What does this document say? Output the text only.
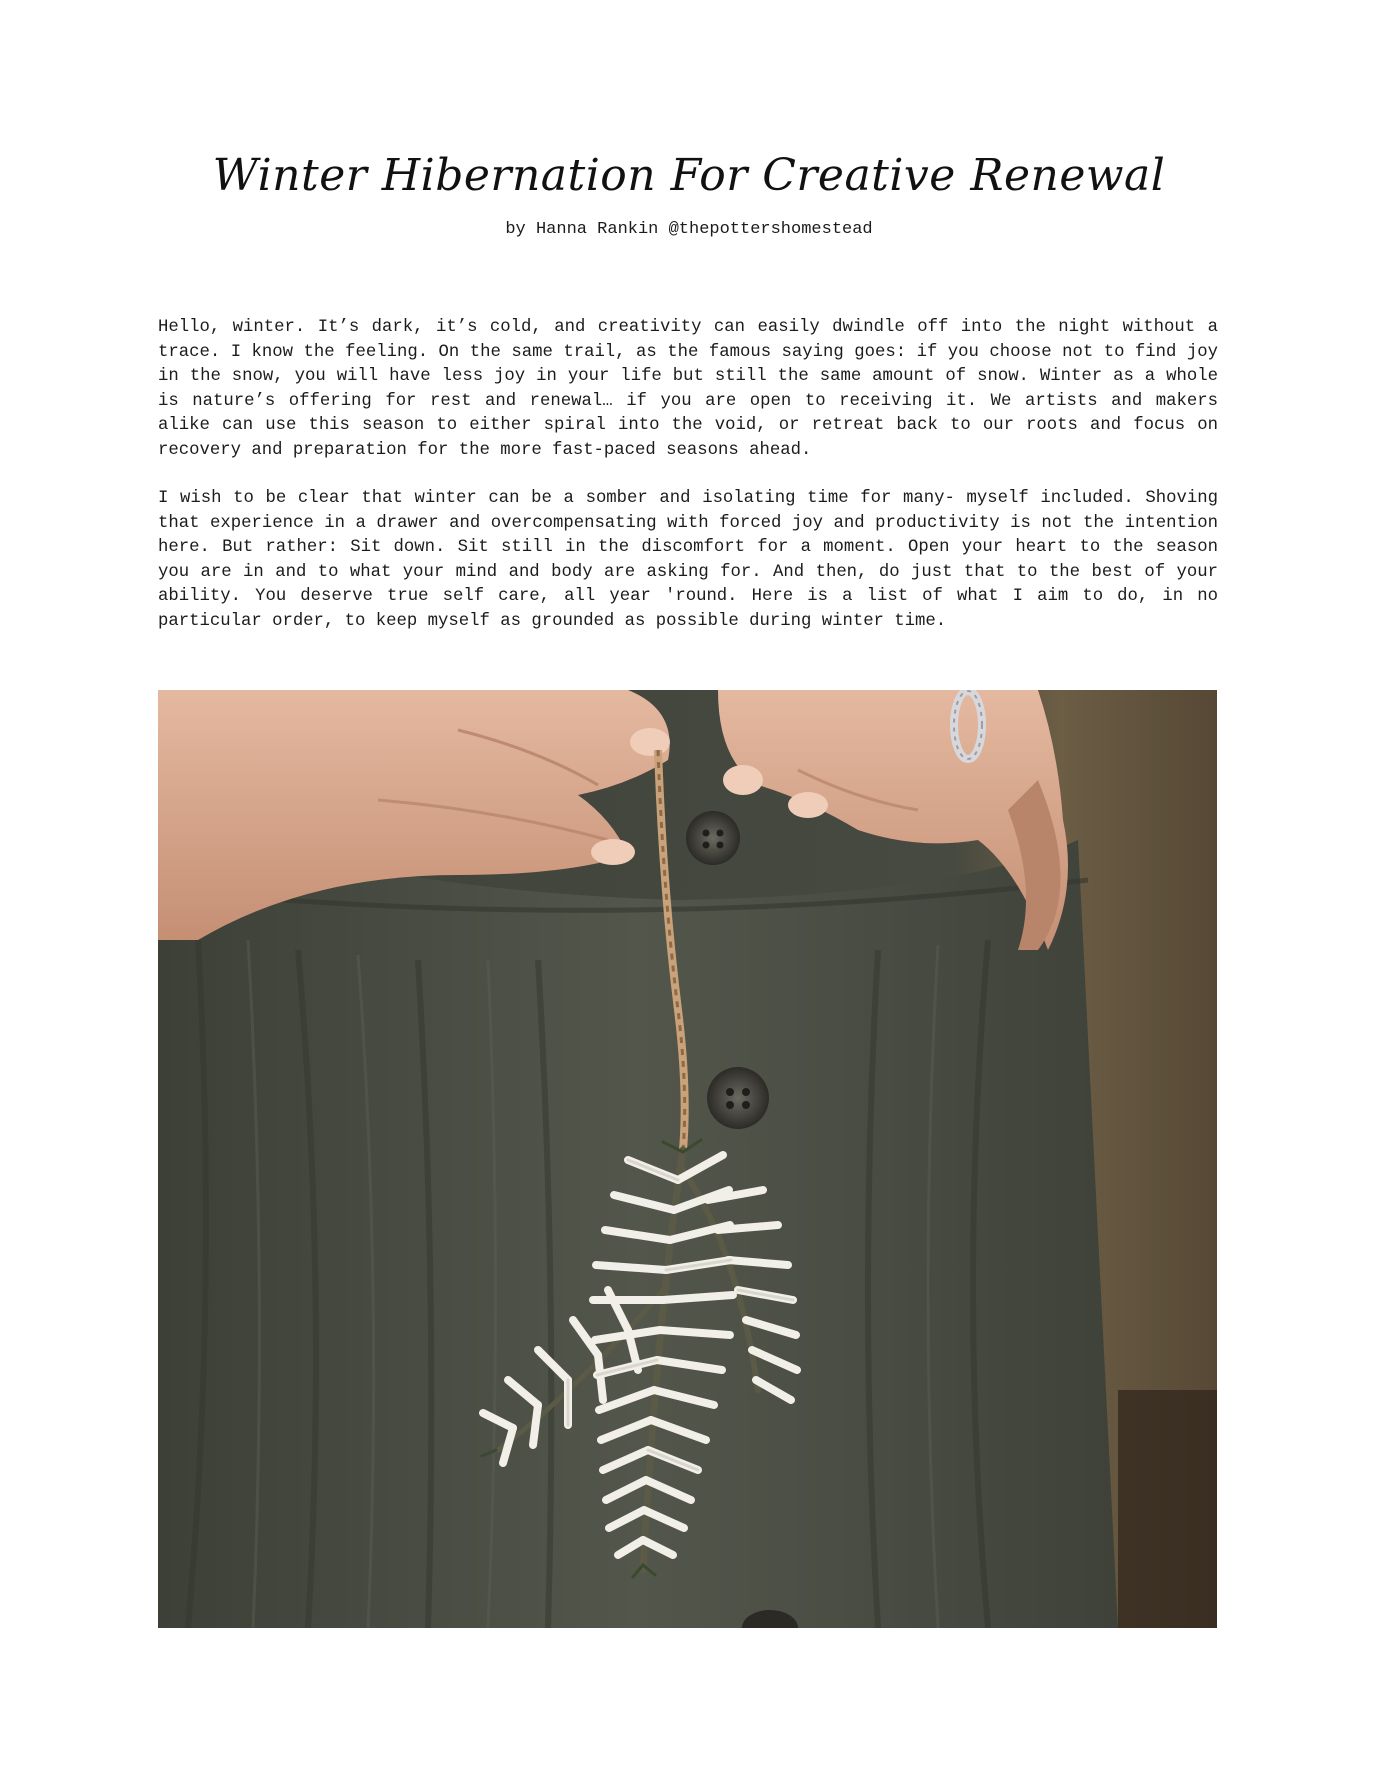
Winter Hibernation For Creative Renewal
by Hanna Rankin @thepottershomestead

Hello, winter. It’s dark, it’s cold, and creativity can easily dwindle off into the night without a trace. I know the feeling. On the same trail, as the famous saying goes: if you choose not to find joy in the snow, you will have less joy in your life but still the same amount of snow. Winter as a whole is nature’s offering for rest and renewal… if you are open to receiving it. We artists and makers alike can use this season to either spiral into the void, or retreat back to our roots and focus on recovery and preparation for the more fast-paced seasons ahead.

I wish to be clear that winter can be a somber and isolating time for many- myself included. Shoving that experience in a drawer and overcompensating with forced joy and productivity is not the intention here. But rather: Sit down. Sit still in the discomfort for a moment. Open your heart to the season you are in and to what your mind and body are asking for. And then, do just that to the best of your ability. You deserve true self care, all year 'round. Here is a list of what I aim to do, in no particular order, to keep myself as grounded as possible during winter time.
